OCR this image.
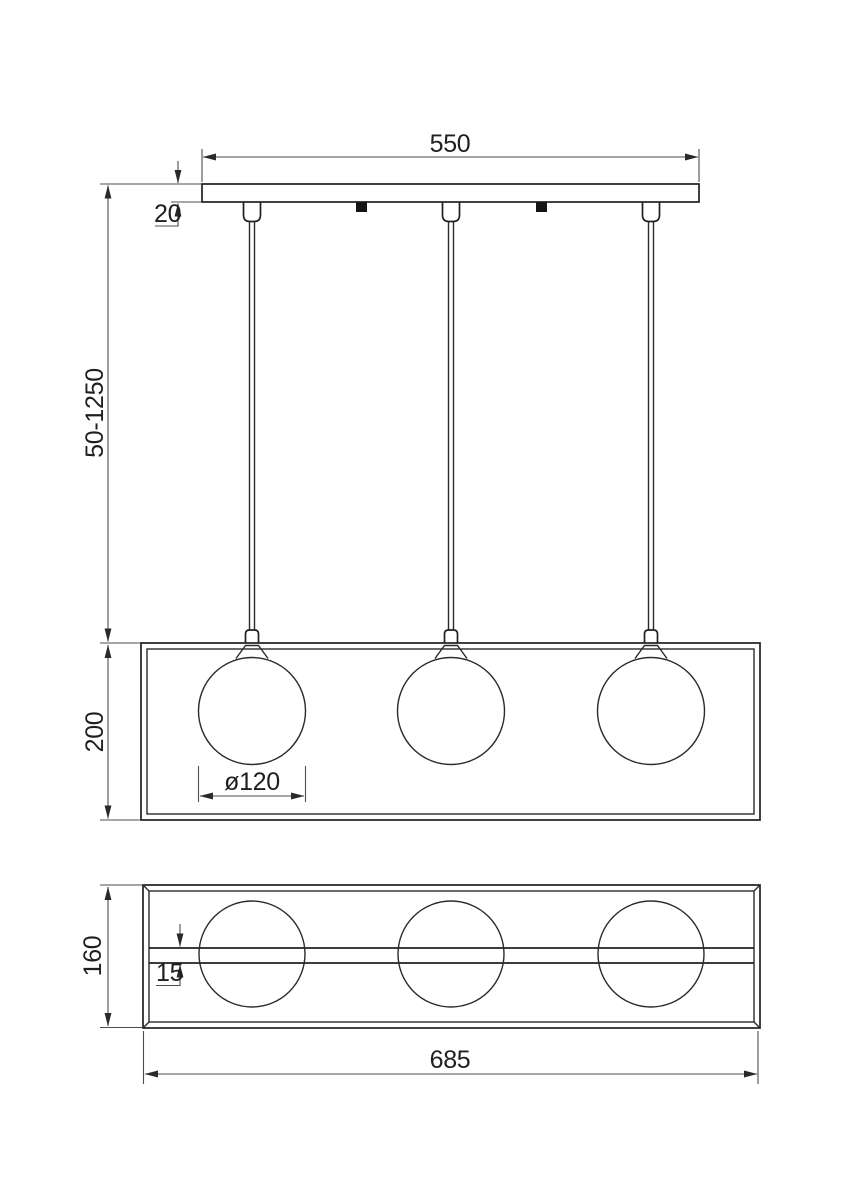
550
20
50-1250
200
ø120
15
160
685
